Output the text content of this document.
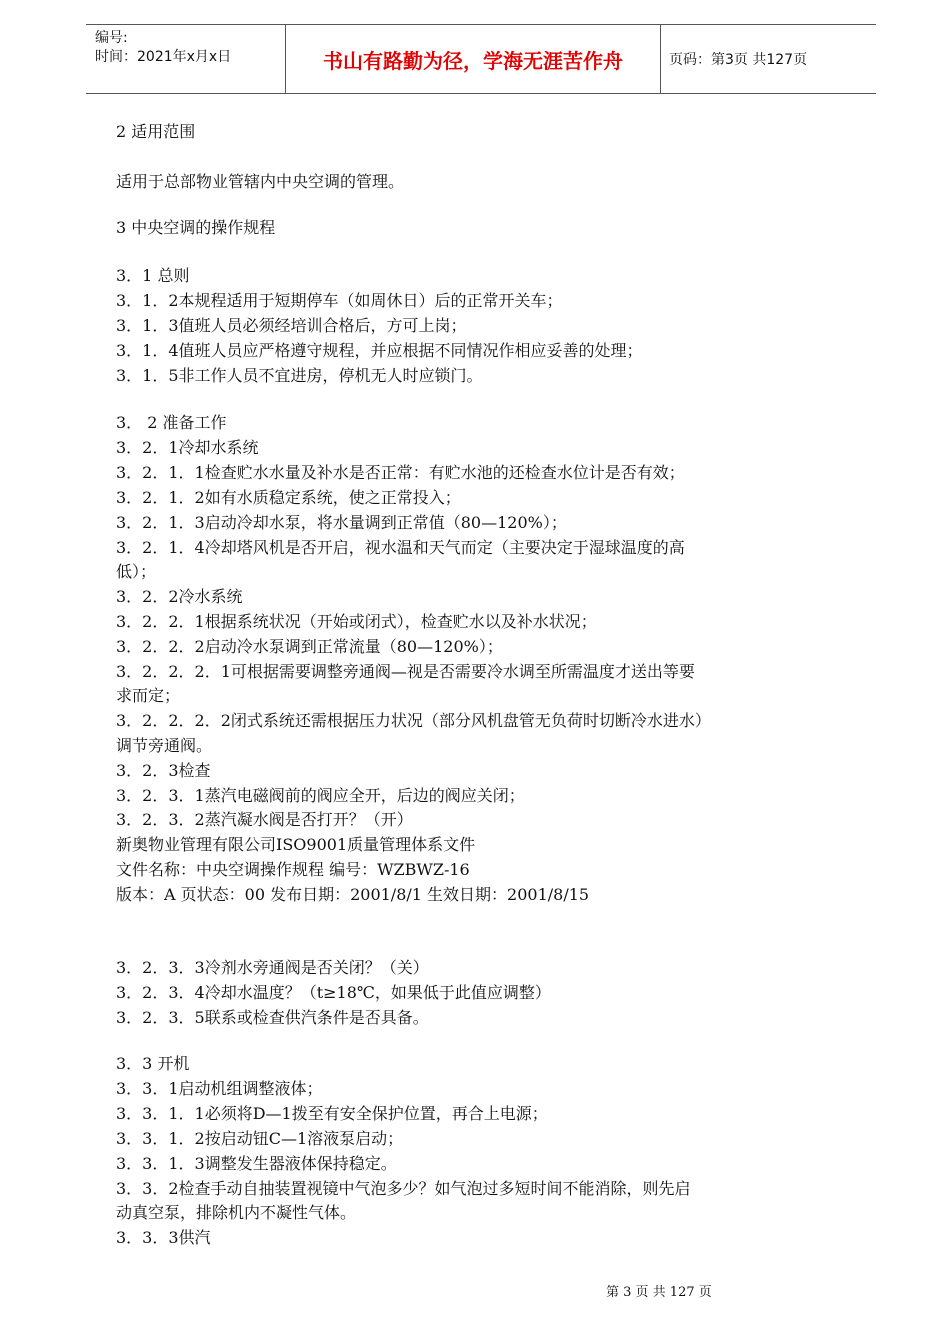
编号:
时间：2021年x月x日	书山有路勤为径，学海无涯苦作舟	页码：第3页 共127页
2 适用范围
适用于总部物业管辖内中央空调的管理。
3 中央空调的操作规程
3．1 总则
3．1．2本规程适用于短期停车（如周休日）后的正常开关车；
3．1．3值班人员必须经培训合格后，方可上岗；
3．1．4值班人员应严格遵守规程，并应根据不同情况作相应妥善的处理；
3．1．5非工作人员不宜进房，停机无人时应锁门。
3． 2 准备工作
3．2．1冷却水系统
3．2．1．1检查贮水水量及补水是否正常：有贮水池的还检查水位计是否有效；
3．2．1．2如有水质稳定系统，使之正常投入；
3．2．1．3启动冷却水泵，将水量调到正常值（80—120%）；
3．2．1．4冷却塔风机是否开启，视水温和天气而定（主要决定于湿球温度的高
低）；
3．2．2冷水系统
3．2．2．1根据系统状况（开始或闭式），检查贮水以及补水状况；
3．2．2．2启动冷水泵调到正常流量（80—120%）；
3．2．2．2．1可根据需要调整旁通阀—视是否需要冷水调至所需温度才送出等要
求而定；
3．2．2．2．2闭式系统还需根据压力状况（部分风机盘管无负荷时切断冷水进水）
调节旁通阀。
3．2．3检查
3．2．3．1蒸汽电磁阀前的阀应全开，后边的阀应关闭；
3．2．3．2蒸汽凝水阀是否打开？（开）
新奥物业管理有限公司ISO9001质量管理体系文件
文件名称：中央空调操作规程 编号：WZBWZ-16
版本：A 页状态：00 发布日期：2001/8/1 生效日期：2001/8/15
3．2．3．3冷剂水旁通阀是否关闭？（关）
3．2．3．4冷却水温度？（t≥18℃，如果低于此值应调整）
3．2．3．5联系或检查供汽条件是否具备。
3．3 开机
3．3．1启动机组调整液体；
3．3．1．1必须将D—1拨至有安全保护位置，再合上电源；
3．3．1．2按启动钮C—1溶液泵启动；
3．3．1．3调整发生器液体保持稳定。
3．3．2检查手动自抽装置视镜中气泡多少？如气泡过多短时间不能消除，则先启
动真空泵，排除机内不凝性气体。
3．3．3供汽
第 3 页 共 127 页
